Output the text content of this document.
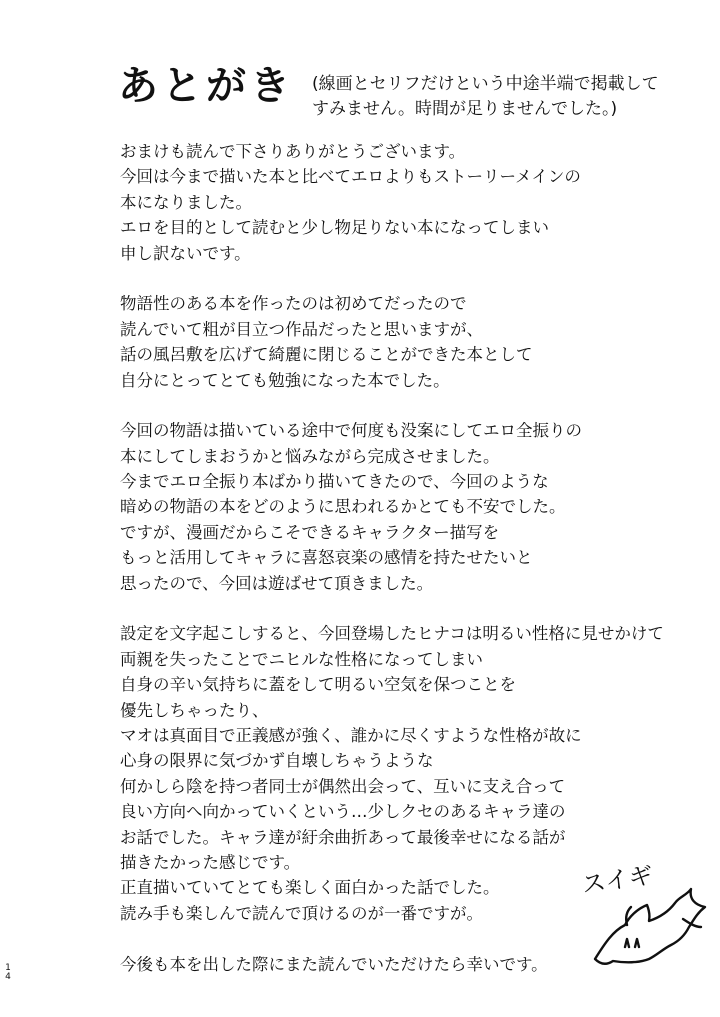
あとがき (線画とセリフだけという中途半端で掲載して
すみません。時間が足りませんでした。)
おまけも読んで下さりありがとうございます。
今回は今まで描いた本と比べてエロよりもストーリーメインの
本になりました。
エロを目的として読むと少し物足りない本になってしまい
申し訳ないです。
物語性のある本を作ったのは初めてだったので
読んでいて粗が目立つ作品だったと思いますが、
話の風呂敷を広げて綺麗に閉じることができた本として
自分にとってとても勉強になった本でした。
今回の物語は描いている途中で何度も没案にしてエロ全振りの
本にしてしまおうかと悩みながら完成させました。
今までエロ全振り本ばかり描いてきたので、今回のような
暗めの物語の本をどのように思われるかとても不安でした。
ですが、漫画だからこそできるキャラクター描写を
もっと活用してキャラに喜怒哀楽の感情を持たせたいと
思ったので、今回は遊ばせて頂きました。
設定を文字起こしすると、今回登場したヒナコは明るい性格に見せかけて
両親を失ったことでニヒルな性格になってしまい
自身の辛い気持ちに蓋をして明るい空気を保つことを
優先しちゃったり、
マオは真面目で正義感が強く、誰かに尽くすような性格が故に
心身の限界に気づかず自壊しちゃうような
何かしら陰を持つ者同士が偶然出会って、互いに支え合って
良い方向へ向かっていくという…少しクセのあるキャラ達の
お話でした。キャラ達が紆余曲折あって最後幸せになる話が
描きたかった感じです。
正直描いていてとても楽しく面白かった話でした。
読み手も楽しんで読んで頂けるのが一番ですが。
今後も本を出した際にまた読んでいただけたら幸いです。
スイギ
1
4
